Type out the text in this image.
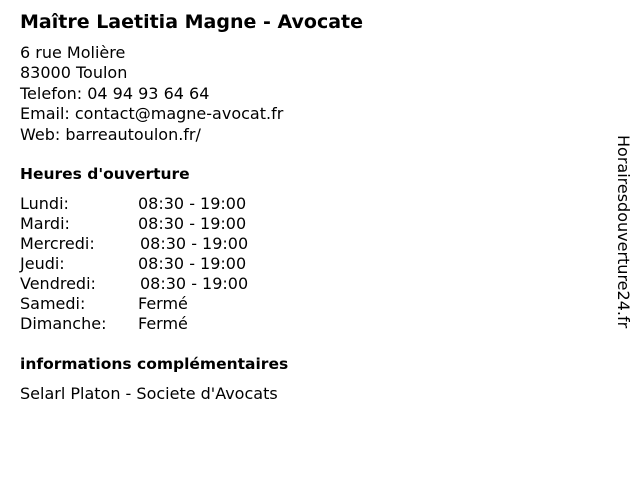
Maître Laetitia Magne - Avocate
6 rue Molière
83000 Toulon
Telefon: 04 94 93 64 64
Email: contact@magne-avocat.fr
Web: barreautoulon.fr/
Heures d'ouverture
Lundi:	08:30 - 19:00
Mardi:	08:30 - 19:00
Mercredi:	08:30 - 19:00
Jeudi:	08:30 - 19:00
Vendredi:	08:30 - 19:00
Samedi:	Fermé
Dimanche: Fermé
informations complémentaires
Selarl Platon - Societe d'Avocats
Horairesdouverture24.fr
